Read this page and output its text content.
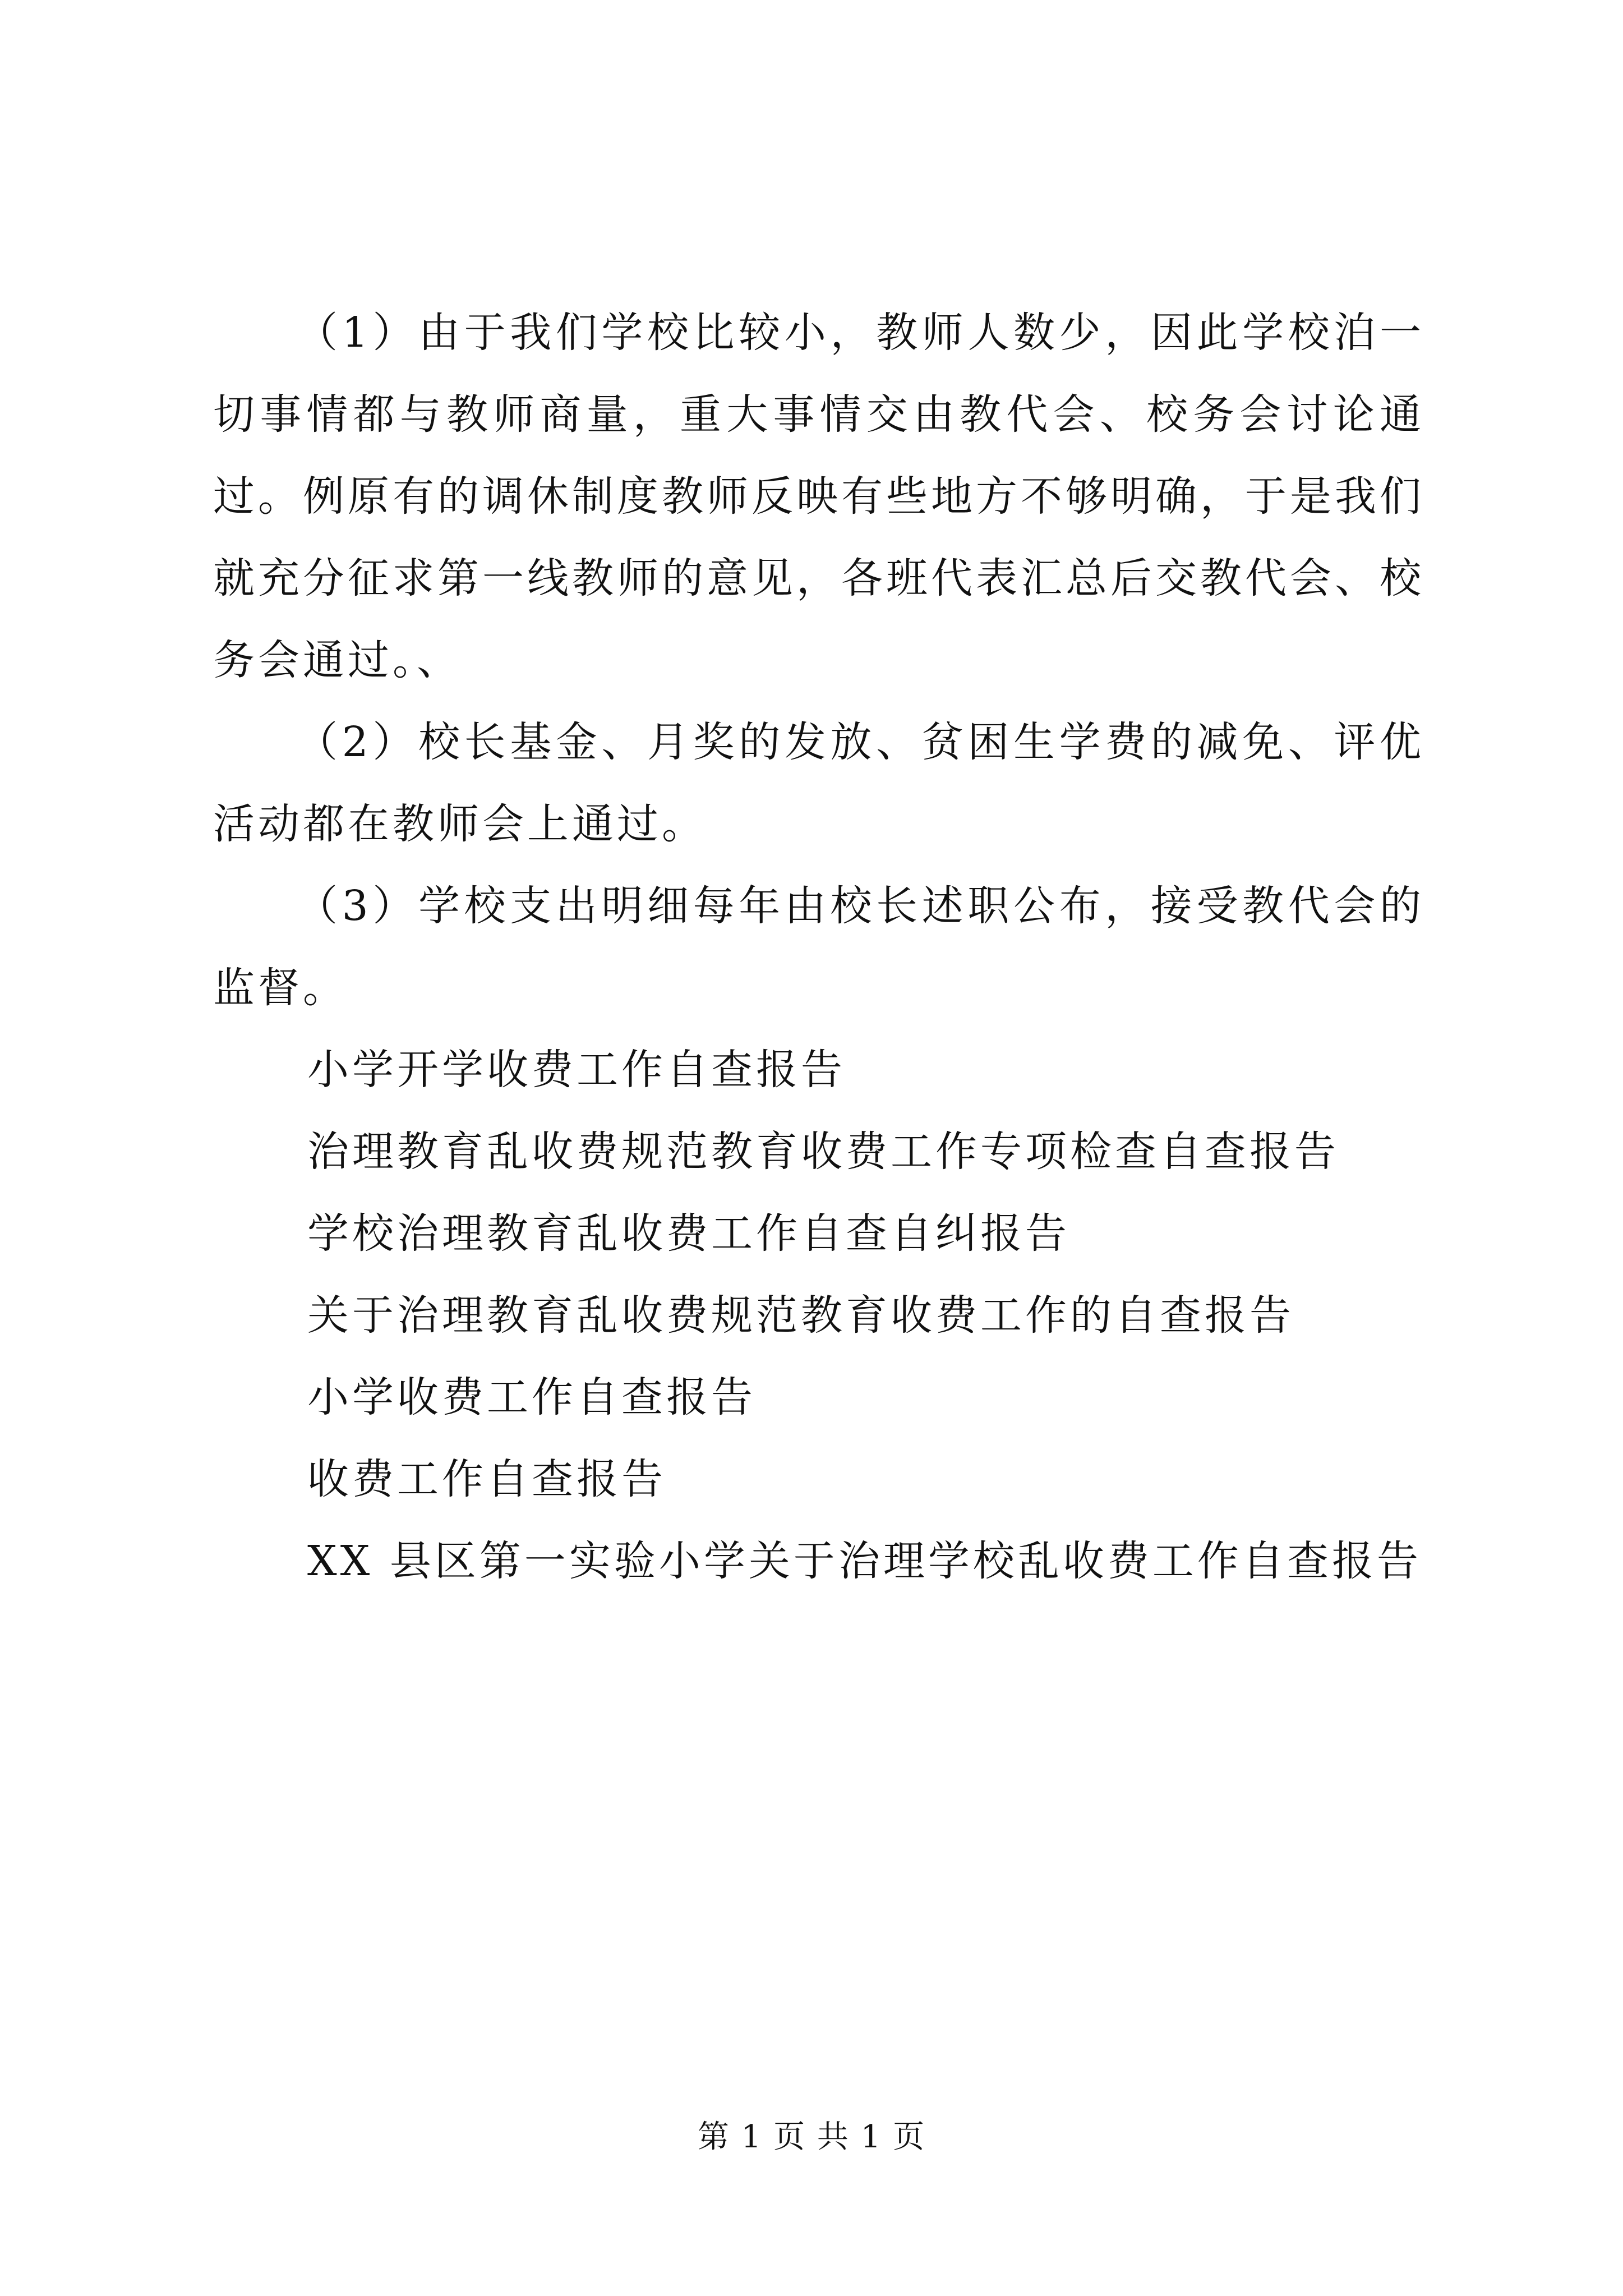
（1）由于我们学校比较小，教师人数少，因此学校泊一切事情都与教师商量，重大事情交由教代会、校务会讨论通过。例原有的调休制度教师反映有些地方不够明确，于是我们就充分征求第一线教师的意见，各班代表汇总后交教代会、校务会通过。、

（2）校长基金、月奖的发放、贫困生学费的减免、评优活动都在教师会上通过。

（3）学校支出明细每年由校长述职公布，接受教代会的监督。

小学开学收费工作自查报告

治理教育乱收费规范教育收费工作专项检查自查报告

学校治理教育乱收费工作自查自纠报告

关于治理教育乱收费规范教育收费工作的自查报告

小学收费工作自查报告

收费工作自查报告

XX 县区第一实验小学关于治理学校乱收费工作自查报告

第 1 页 共 1 页
